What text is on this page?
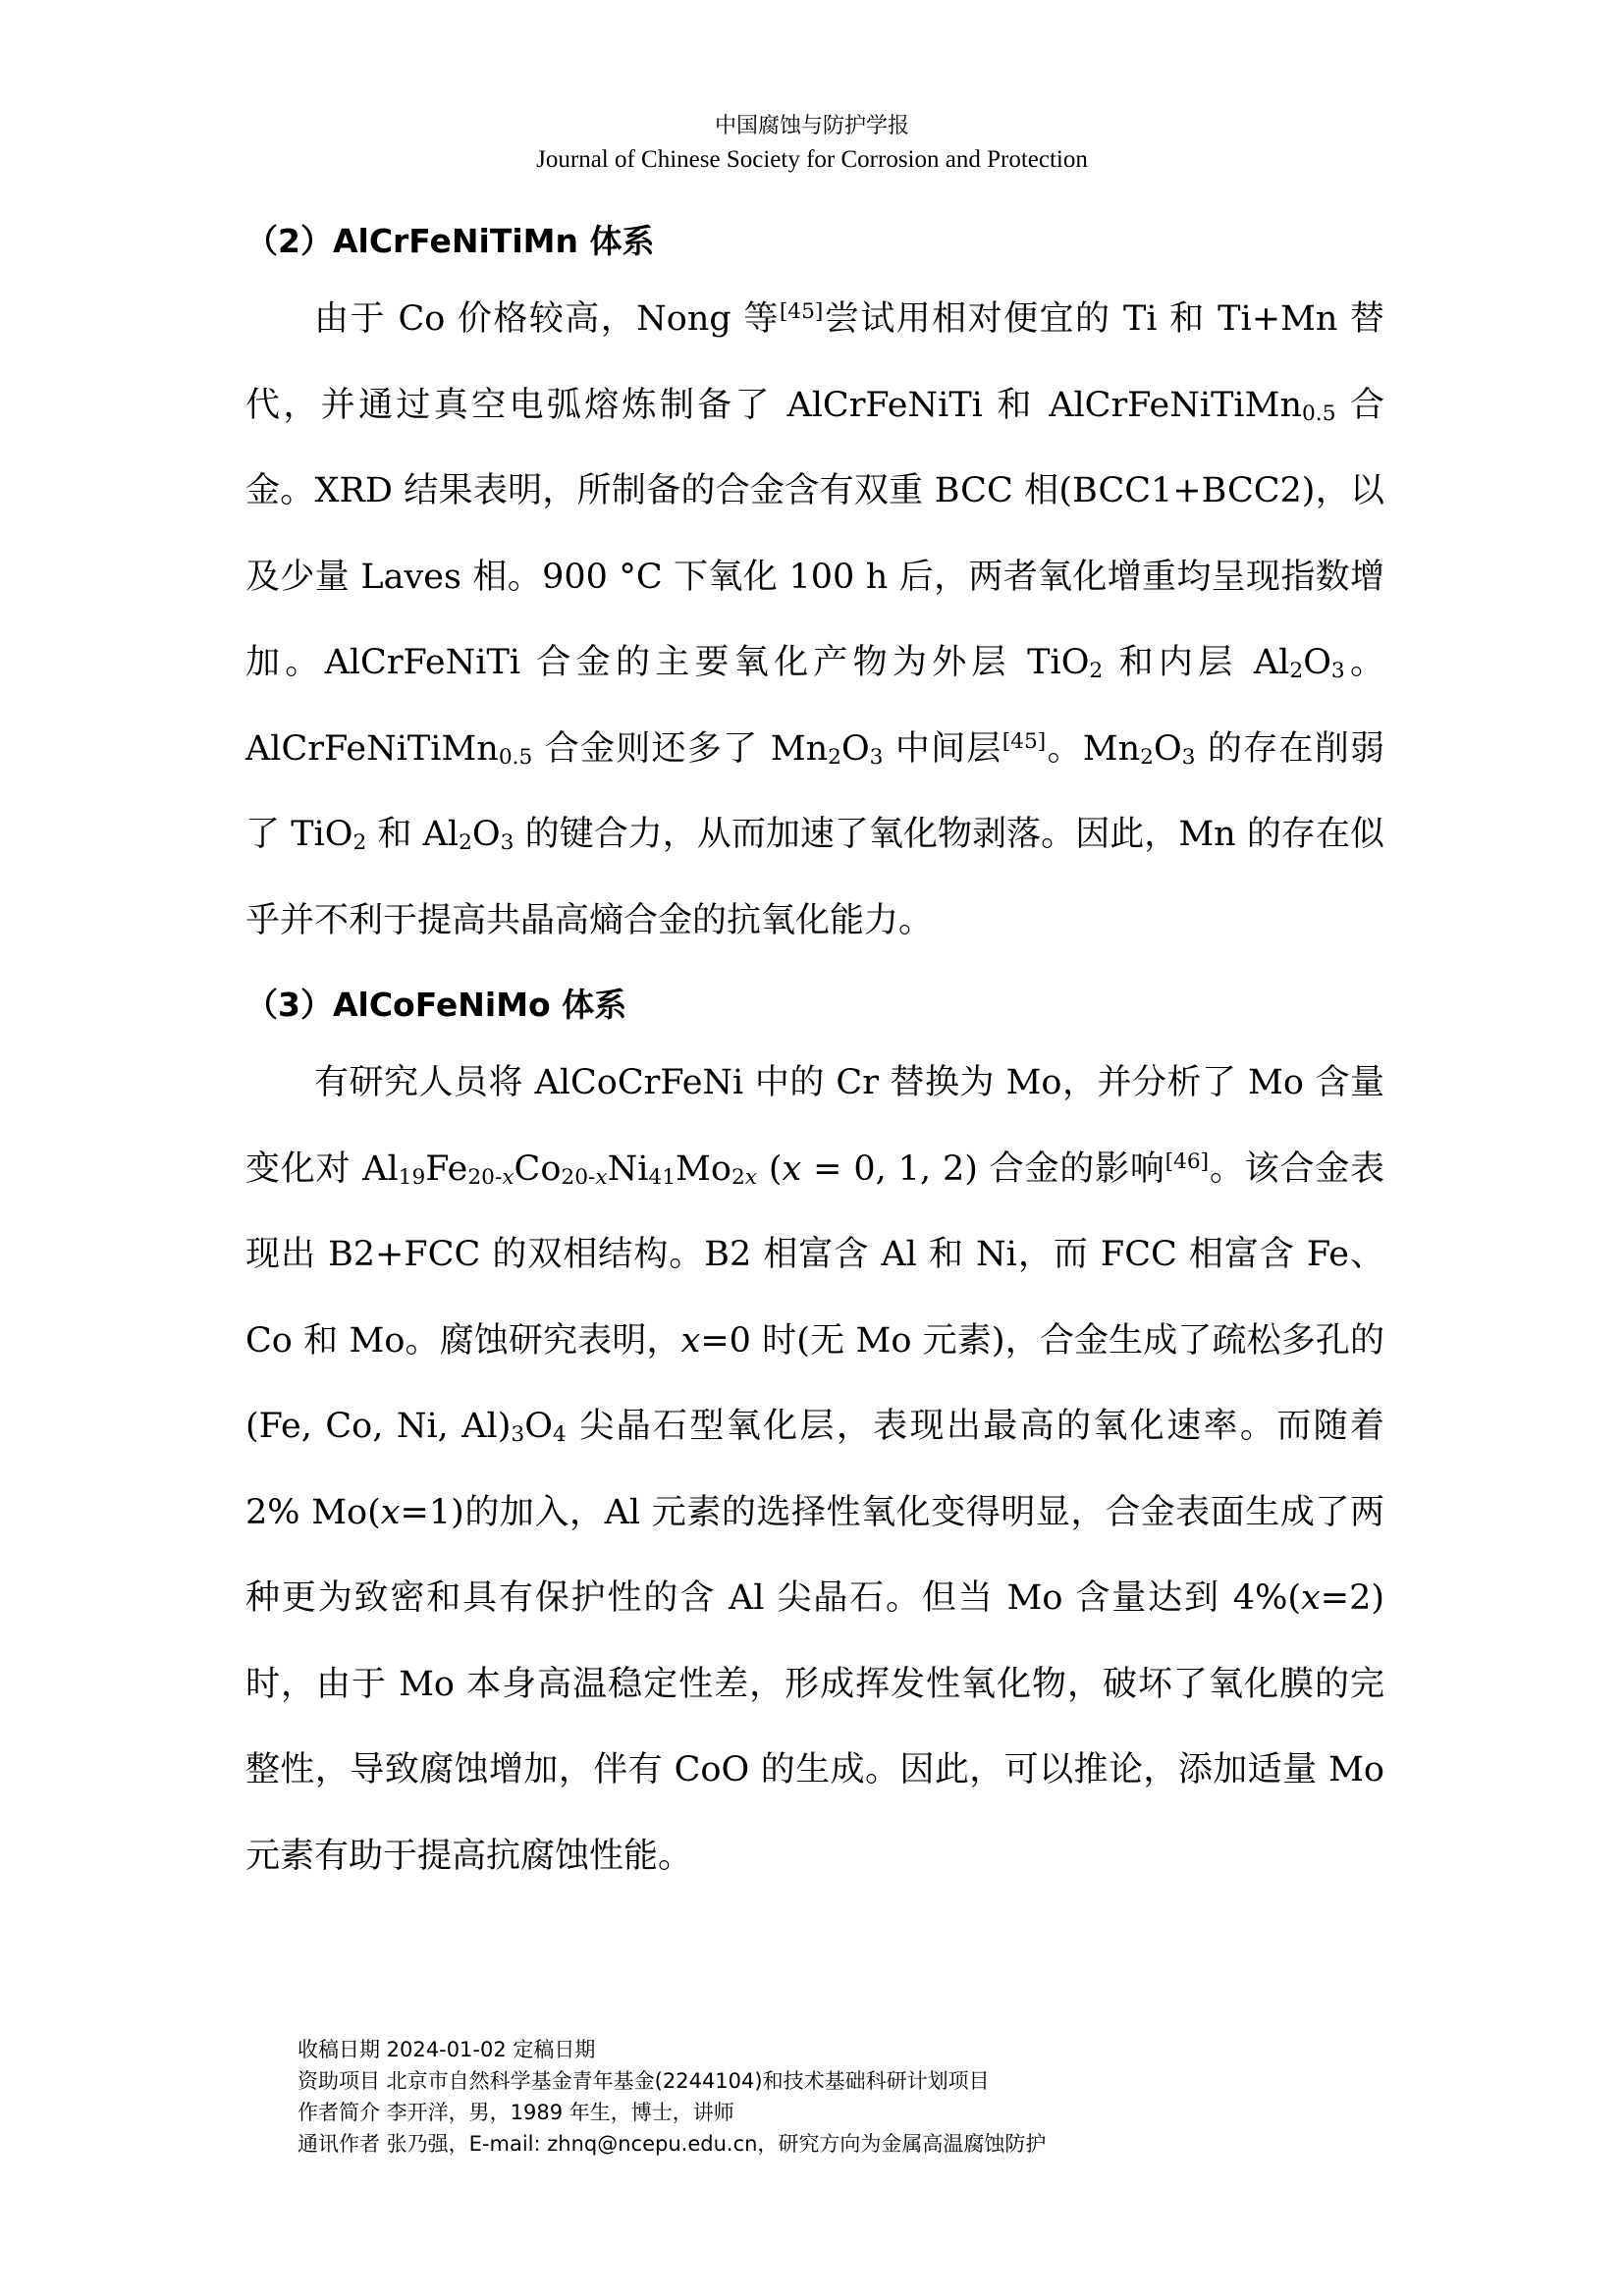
中国腐蚀与防护学报
Journal of Chinese Society for Corrosion and Protection
（2）AlCrFeNiTiMn 体系

由于 Co 价格较高，Nong 等[45]尝试用相对便宜的 Ti 和 Ti+Mn 替代，并通过真空电弧熔炼制备了 AlCrFeNiTi 和 AlCrFeNiTiMn$_{0.5}$ 合金。XRD 结果表明，所制备的合金含有双重 BCC 相(BCC1+BCC2)，以及少量 Laves 相。900 °C 下氧化 100 h 后，两者氧化增重均呈现指数增加。AlCrFeNiTi 合金的主要氧化产物为外层 TiO$_2$ 和内层 $Al_2O_3$。AlCrFeNiTiMn$_{0.5}$ 合金则还多了 $Mn_2O_3$ 中间层[45]。$Mn_2O_3$ 的存在削弱了 TiO$_2$ 和 $Al_2O_3$ 的键合力，从而加速了氧化物剥落。因此，Mn 的存在似乎并不利于提高共晶高熵合金的抗氧化能力。

（3）AlCoFeNiMo 体系

有研究人员将 AlCoCrFeNi 中的 Cr 替换为 Mo，并分析了 Mo 含量变化对 $Al_{19}Fe_{20-x}Co_{20-x}Ni_{41}Mo_{2x}$ (x = 0, 1, 2) 合金的影响[46]。该合金表现出 B2+FCC 的双相结构。B2 相富含 Al 和 Ni，而 FCC 相富含 Fe、Co 和 Mo。腐蚀研究表明，x=0 时(无 Mo 元素)，合金生成了疏松多孔的(Fe, Co, Ni, $Al)_3O_4$ 尖晶石型氧化层，表现出最高的氧化速率。而随着 2% Mo(x=1)的加入，Al 元素的选择性氧化变得明显，合金表面生成了两种更为致密和具有保护性的含 Al 尖晶石。但当 Mo 含量达到 4%(x=2)时，由于 Mo 本身高温稳定性差，形成挥发性氧化物，破坏了氧化膜的完整性，导致腐蚀增加，伴有 CoO 的生成。因此，可以推论，添加适量 Mo 元素有助于提高抗腐蚀性能。

收稿日期 2024-01-02 定稿日期
资助项目 北京市自然科学基金青年基金(2244104)和技术基础科研计划项目
作者简介 李开洋，男，1989 年生，博士，讲师
通讯作者 张乃强，E-mail: zhnq@ncepu.edu.cn，研究方向为金属高温腐蚀防护
